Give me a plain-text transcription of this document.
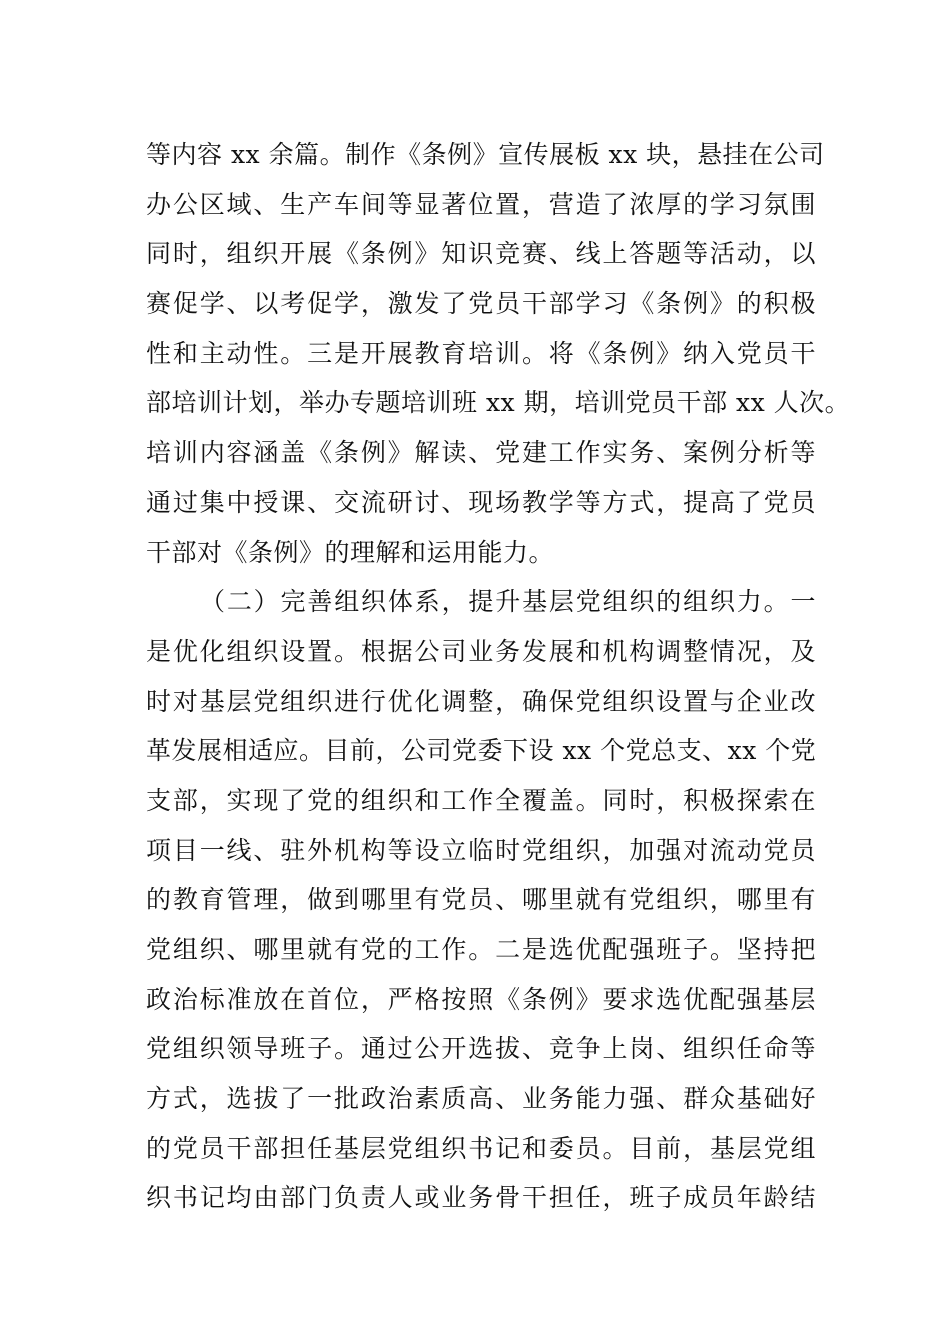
等内容 xx 余篇。制作《条例》宣传展板 xx 块，悬挂在公司
办公区域、生产车间等显著位置，营造了浓厚的学习氛围
同时，组织开展《条例》知识竞赛、线上答题等活动，以
赛促学、以考促学，激发了党员干部学习《条例》的积极
性和主动性。三是开展教育培训。将《条例》纳入党员干
部培训计划，举办专题培训班 xx 期，培训党员干部 xx 人次。
培训内容涵盖《条例》解读、党建工作实务、案例分析等
通过集中授课、交流研讨、现场教学等方式，提高了党员
干部对《条例》的理解和运用能力。
（二）完善组织体系，提升基层党组织的组织力。一
是优化组织设置。根据公司业务发展和机构调整情况，及
时对基层党组织进行优化调整，确保党组织设置与企业改
革发展相适应。目前，公司党委下设 xx 个党总支、xx 个党
支部，实现了党的组织和工作全覆盖。同时，积极探索在
项目一线、驻外机构等设立临时党组织，加强对流动党员
的教育管理，做到哪里有党员、哪里就有党组织，哪里有
党组织、哪里就有党的工作。二是选优配强班子。坚持把
政治标准放在首位，严格按照《条例》要求选优配强基层
党组织领导班子。通过公开选拔、竞争上岗、组织任命等
方式，选拔了一批政治素质高、业务能力强、群众基础好
的党员干部担任基层党组织书记和委员。目前，基层党组
织书记均由部门负责人或业务骨干担任，班子成员年龄结
